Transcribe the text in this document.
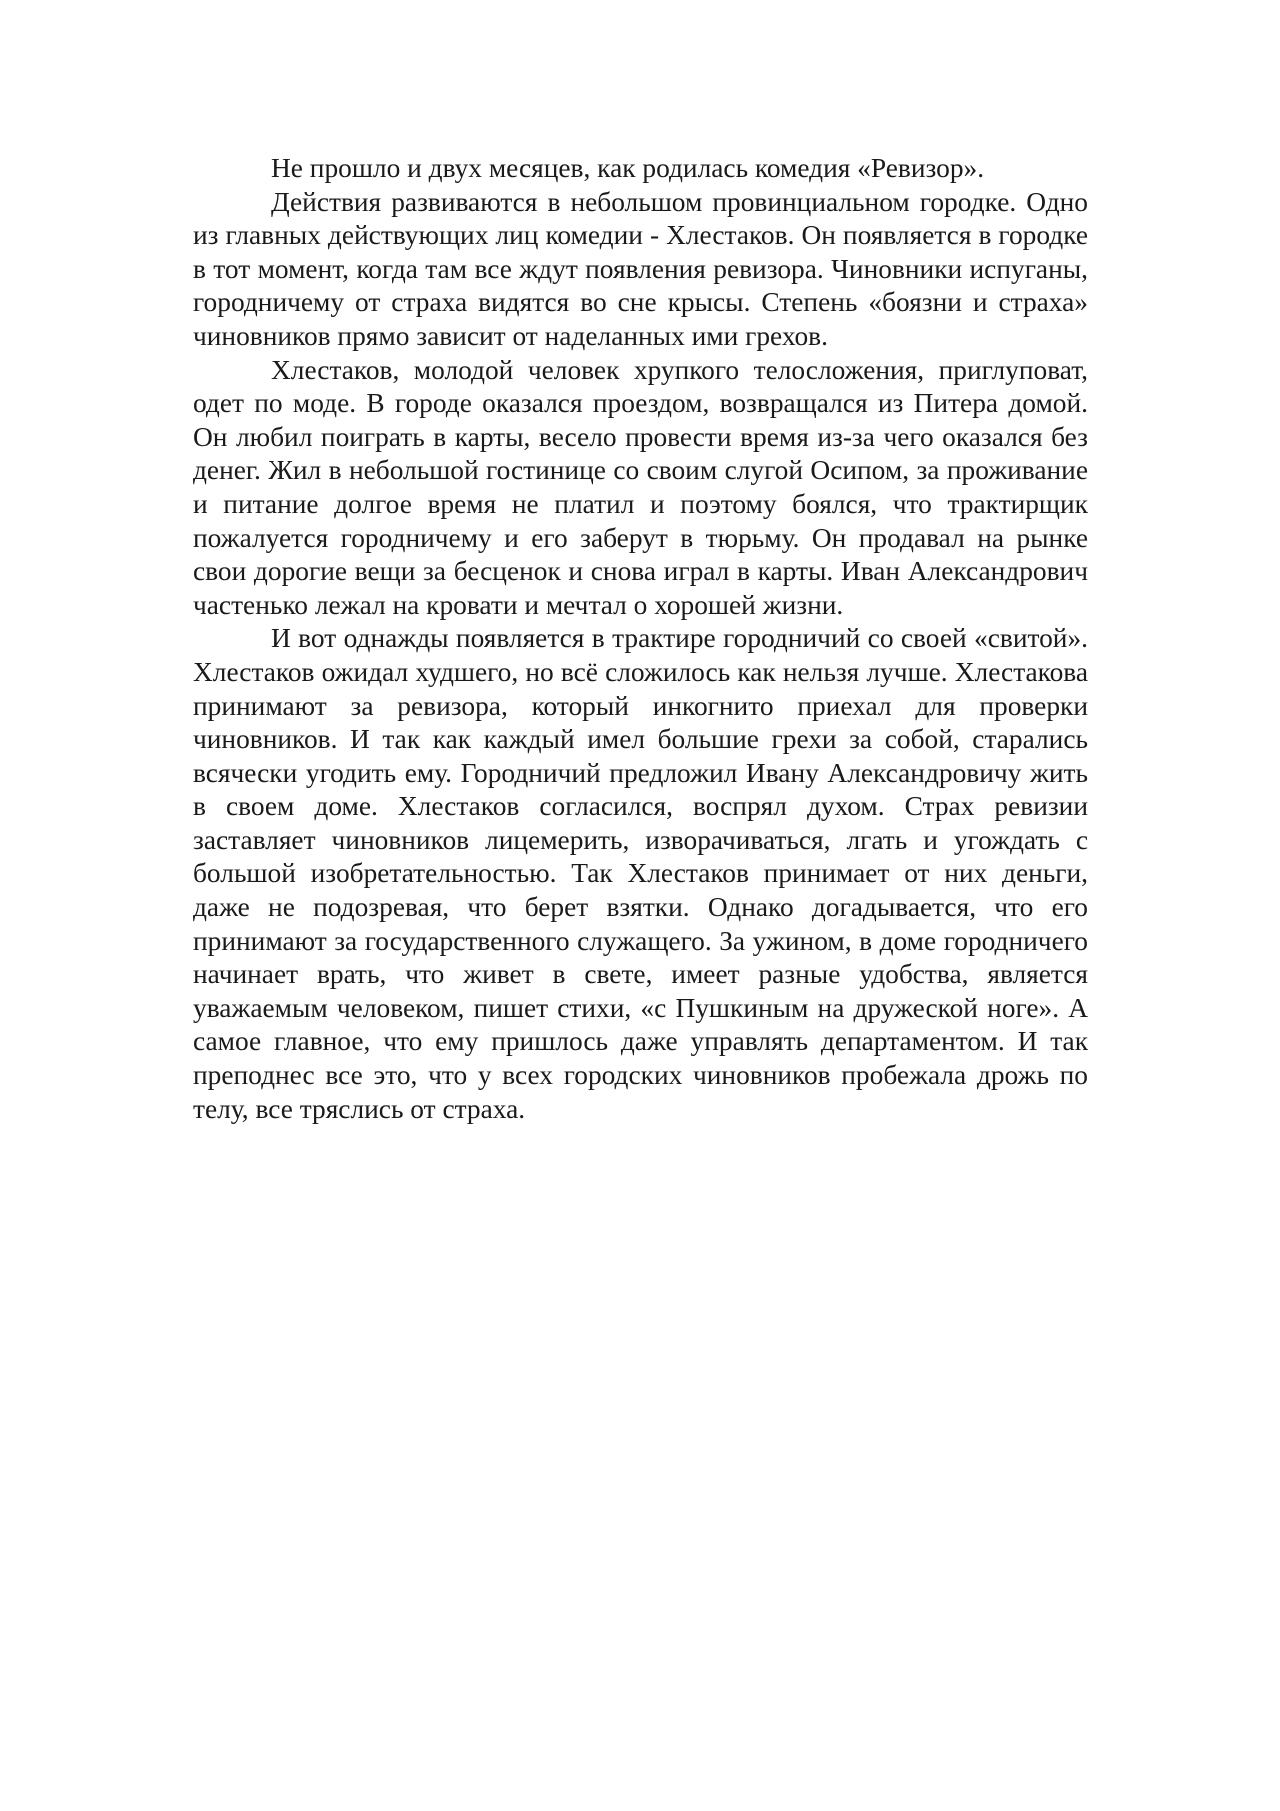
Не прошло и двух месяцев, как родилась комедия «Ревизор».

Действия развиваются в небольшом провинциальном городке. Одно из главных действующих лиц комедии - Хлестаков. Он появляется в городке в тот момент, когда там все ждут появления ревизора. Чиновники испуганы, городничему от страха видятся во сне крысы. Степень «боязни и страха» чиновников прямо зависит от наделанных ими грехов.

Хлестаков, молодой человек хрупкого телосложения, приглуповат, одет по моде. В городе оказался проездом, возвращался из Питера домой. Он любил поиграть в карты, весело провести время из-за чего оказался без денег. Жил в небольшой гостинице со своим слугой Осипом, за проживание и питание долгое время не платил и поэтому боялся, что трактирщик пожалуется городничему и его заберут в тюрьму. Он продавал на рынке свои дорогие вещи за бесценок и снова играл в карты. Иван Александрович частенько лежал на кровати и мечтал о хорошей жизни.

И вот однажды появляется в трактире городничий со своей «свитой». Хлестаков ожидал худшего, но всё сложилось как нельзя лучше. Хлестакова принимают за ревизора, который инкогнито приехал для проверки чиновников. И так как каждый имел большие грехи за собой, старались всячески угодить ему. Городничий предложил Ивану Александровичу жить в своем доме. Хлестаков согласился, воспрял духом. Страх ревизии заставляет чиновников лицемерить, изворачиваться, лгать и угождать с большой изобретательностью. Так Хлестаков принимает от них деньги, даже не подозревая, что берет взятки. Однако догадывается, что его принимают за государственного служащего. За ужином, в доме городничего начинает врать, что живет в свете, имеет разные удобства, является уважаемым человеком, пишет стихи, «с Пушкиным на дружеской ноге». А самое главное, что ему пришлось даже управлять департаментом. И так преподнес все это, что у всех городских чиновников пробежала дрожь по телу, все тряслись от страха.
